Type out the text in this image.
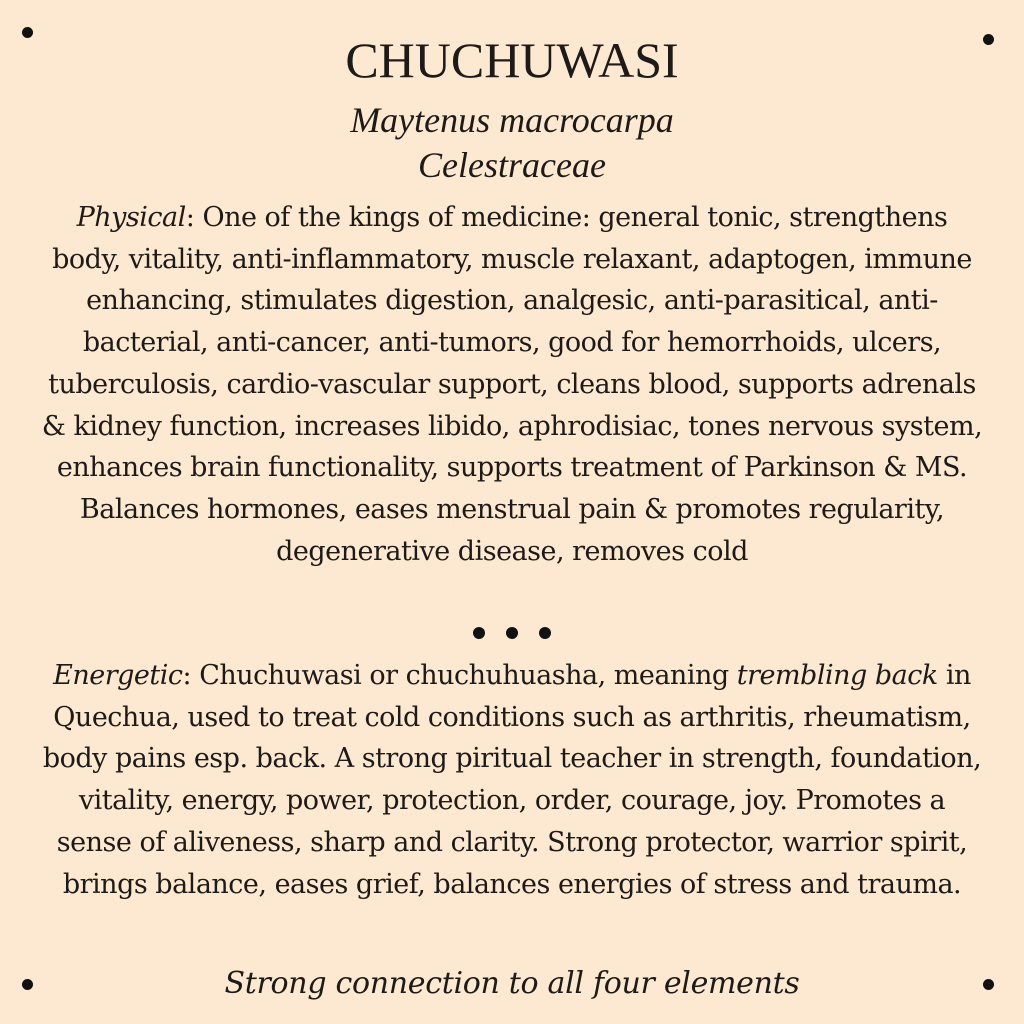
CHUCHUWASI
Maytenus macrocarpa
Celestraceae

Physical: One of the kings of medicine: general tonic, strengthens body, vitality, anti-inflammatory, muscle relaxant, adaptogen, immune enhancing, stimulates digestion, analgesic, anti-parasitical, anti-bacterial, anti-cancer, anti-tumors, good for hemorrhoids, ulcers, tuberculosis, cardio-vascular support, cleans blood, supports adrenals & kidney function, increases libido, aphrodisiac, tones nervous system, enhances brain functionality, supports treatment of Parkinson & MS. Balances hormones, eases menstrual pain & promotes regularity, degenerative disease, removes cold

Energetic: Chuchuwasi or chuchuhuasha, meaning trembling back in Quechua, used to treat cold conditions such as arthritis, rheumatism, body pains esp. back. A strong piritual teacher in strength, foundation, vitality, energy, power, protection, order, courage, joy. Promotes a sense of aliveness, sharp and clarity. Strong protector, warrior spirit, brings balance, eases grief, balances energies of stress and trauma.

Strong connection to all four elements
